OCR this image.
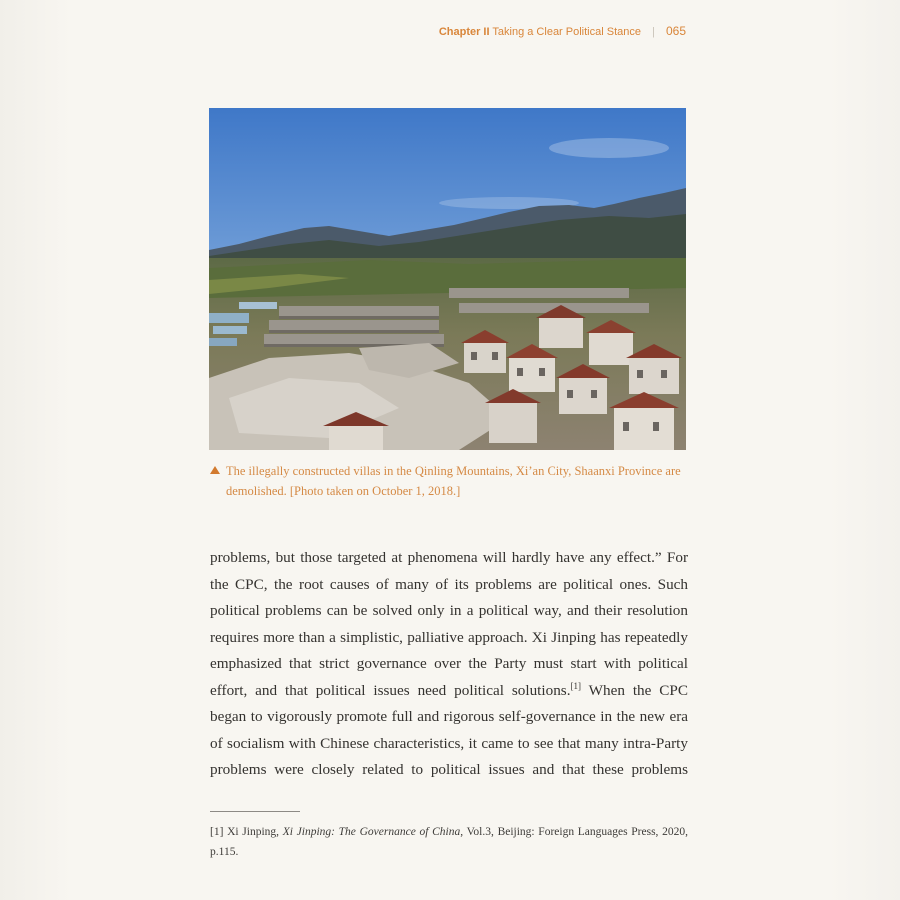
Chapter II Taking a Clear Political Stance | 065
The illegally constructed villas in the Qinling Mountains, Xi’an City, Shaanxi Province are
demolished. [Photo taken on October 1, 2018.]
problems, but those targeted at phenomena will hardly have any effect.” For
the CPC, the root causes of many of its problems are political ones. Such
political problems can be solved only in a political way, and their resolution
requires more than a simplistic, palliative approach. Xi Jinping has repeatedly
emphasized that strict governance over the Party must start with political
effort, and that political issues need political solutions.[1] When the CPC
began to vigorously promote full and rigorous self-governance in the new era
of socialism with Chinese characteristics, it came to see that many intra-Party
problems were closely related to political issues and that these problems
[1] Xi Jinping, Xi Jinping: The Governance of China, Vol.3, Beijing: Foreign Languages Press, 2020,
p.115.
